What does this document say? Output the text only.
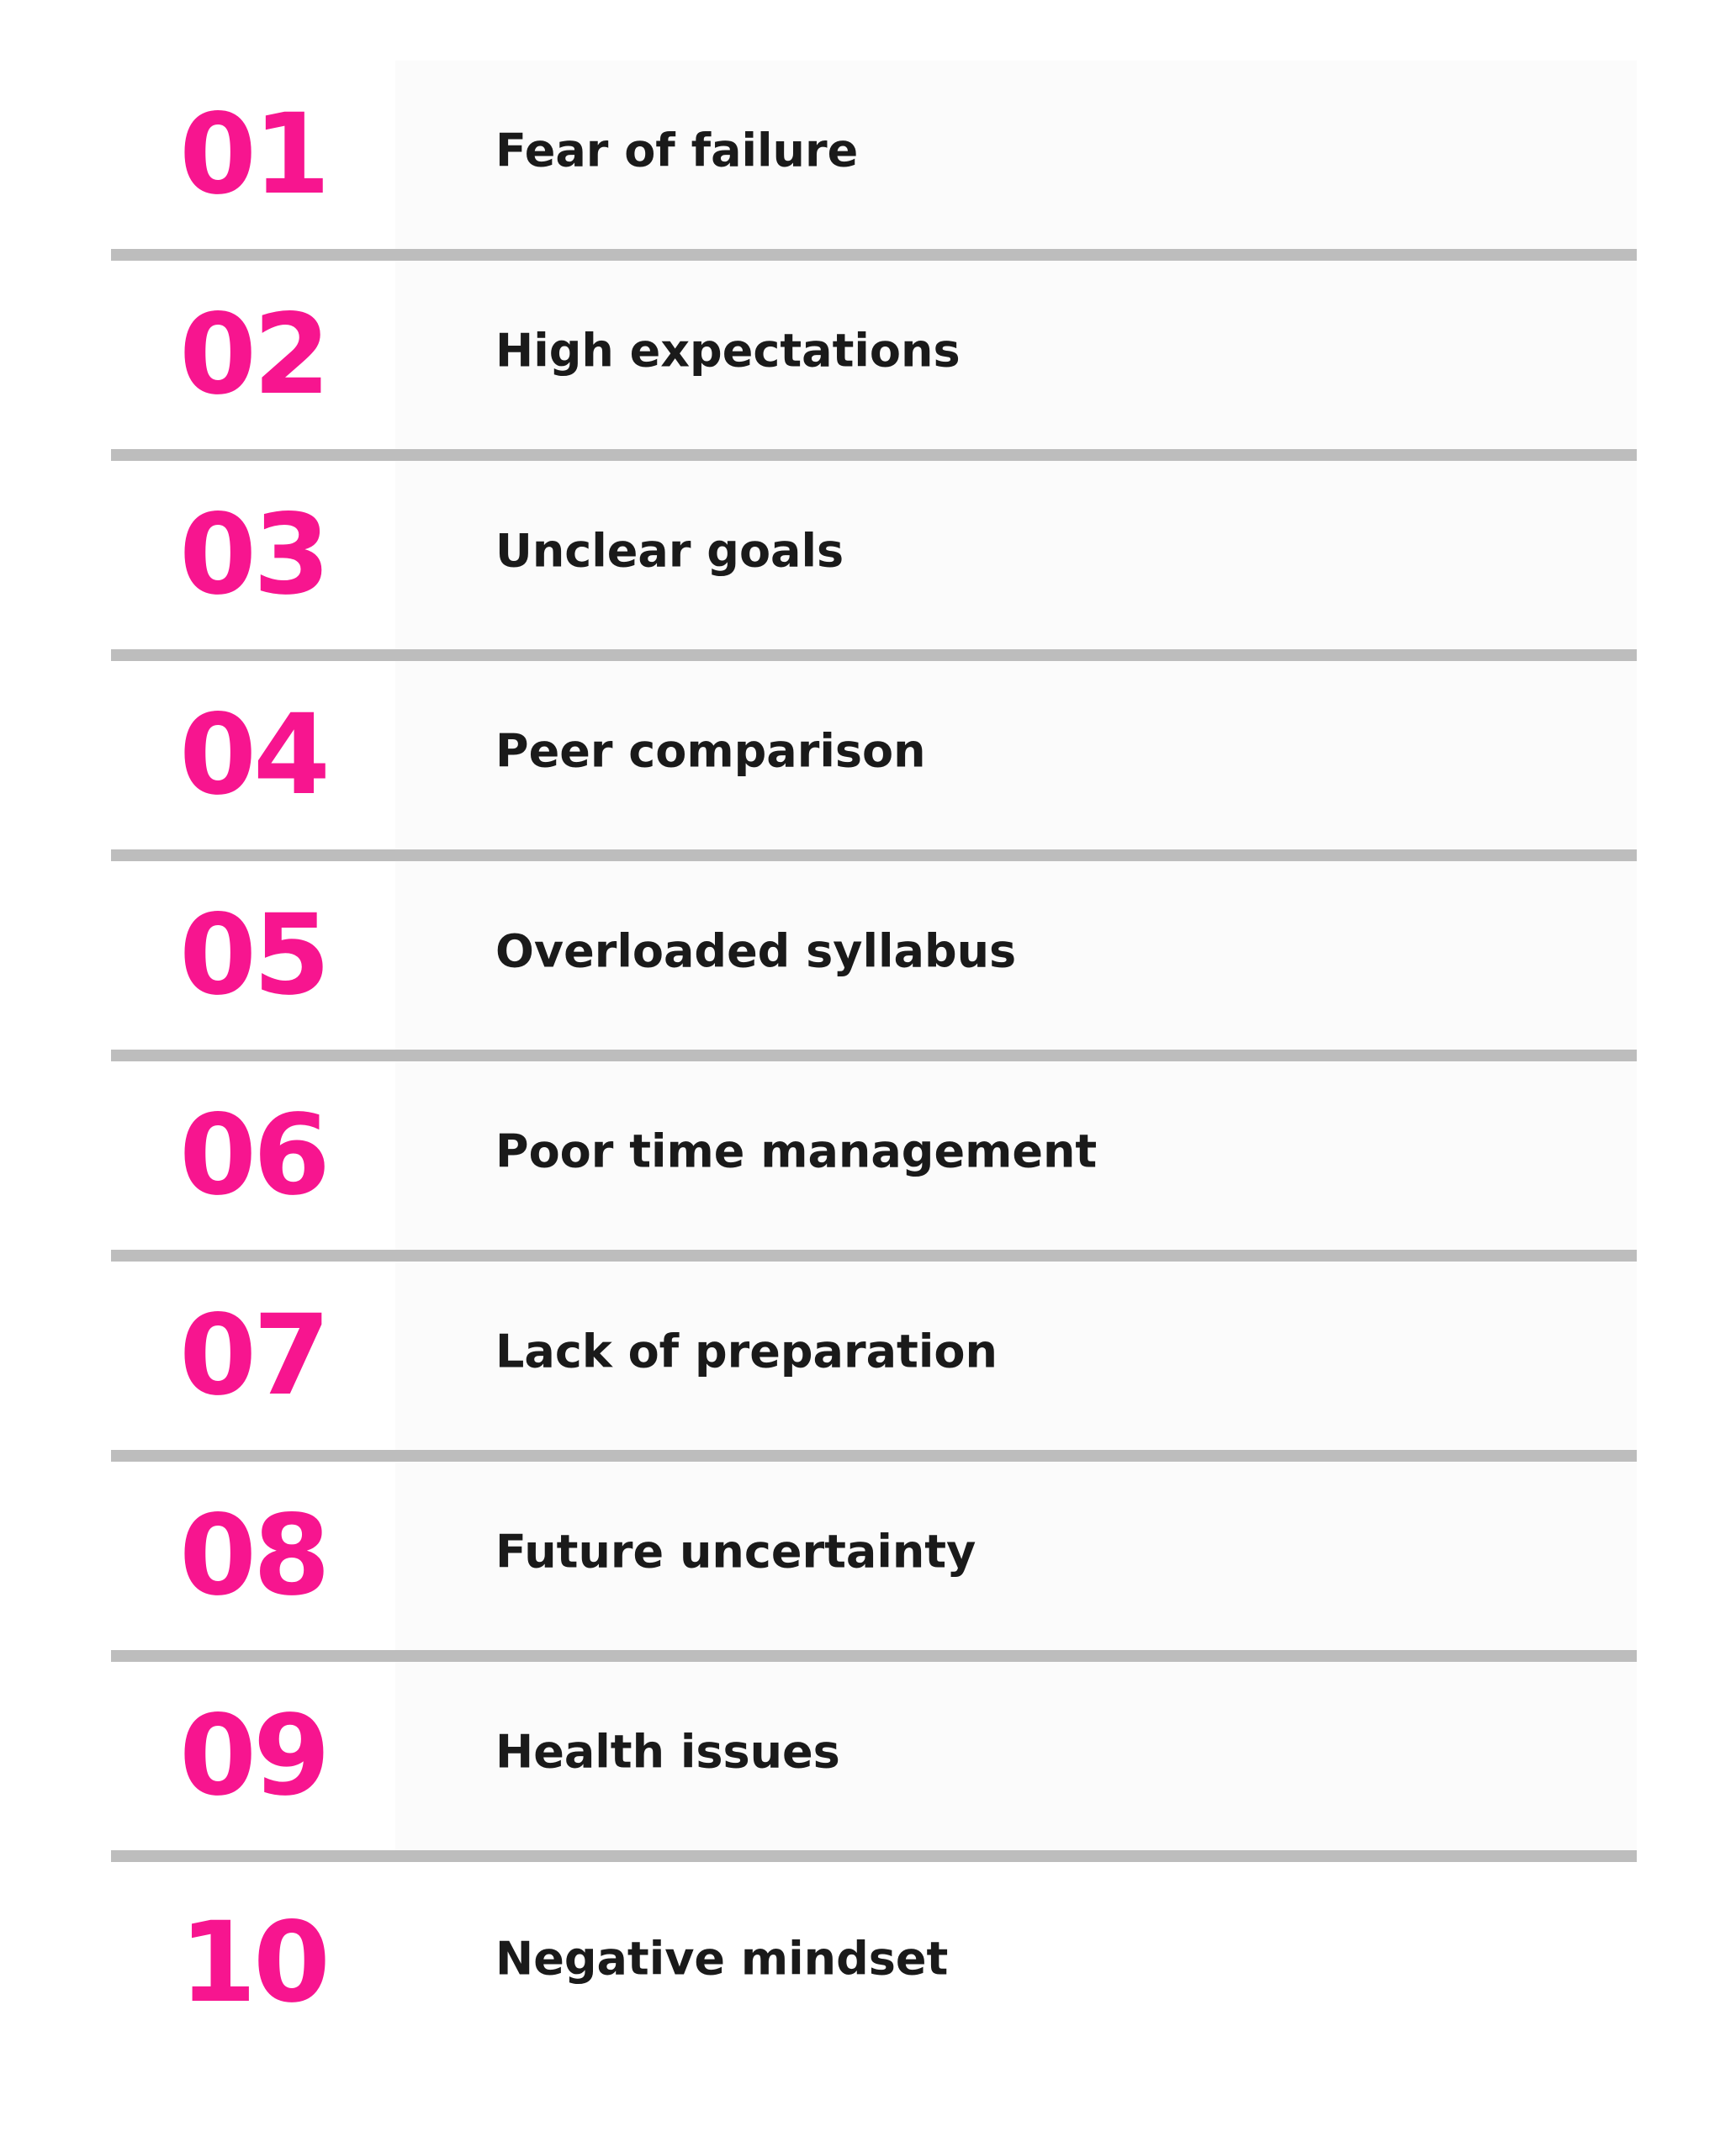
01	Fear of failure
02	High expectations
03	Unclear goals
04	Peer comparison
05	Overloaded syllabus
06	Poor time management
07	Lack of preparation
08	Future uncertainty
09	Health issues
10	Negative mindset
